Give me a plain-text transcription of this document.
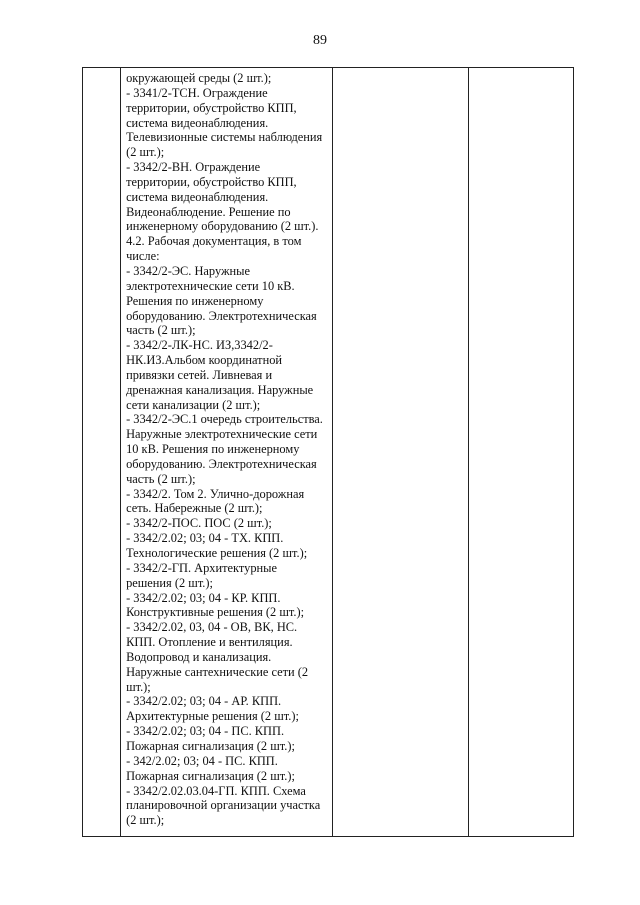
89

окружающей среды (2 шт.);
- 3341/2-ТСН. Ограждение
территории, обустройство КПП,
система видеонаблюдения.
Телевизионные системы наблюдения
(2 шт.);
- 3342/2-ВН. Ограждение
территории, обустройство КПП,
система видеонаблюдения.
Видеонаблюдение. Решение по
инженерному оборудованию (2 шт.).
4.2. Рабочая документация, в том
числе:
- 3342/2-ЭС. Наружные
электротехнические сети 10 кВ.
Решения по инженерному
оборудованию. Электротехническая
часть (2 шт.);
- 3342/2-ЛК-НС. ИЗ,3342/2-
НК.ИЗ.Альбом координатной
привязки сетей. Ливневая и
дренажная канализация. Наружные
сети канализации (2 шт.);
- 3342/2-ЭС.1 очередь строительства.
Наружные электротехнические сети
10 кВ. Решения по инженерному
оборудованию. Электротехническая
часть (2 шт.);
- 3342/2. Том 2. Улично-дорожная
сеть. Набережные (2 шт.);
- 3342/2-ПОС. ПОС (2 шт.);
- 3342/2.02; 03; 04 - ТХ. КПП.
Технологические решения (2 шт.);
- 3342/2-ГП. Архитектурные
решения (2 шт.);
- 3342/2.02; 03; 04 - КР. КПП.
Конструктивные решения (2 шт.);
- 3342/2.02, 03, 04 - ОВ, ВК, НС.
КПП. Отопление и вентиляция.
Водопровод и канализация.
Наружные сантехнические сети (2
шт.);
- 3342/2.02; 03; 04 - АР. КПП.
Архитектурные решения (2 шт.);
- 3342/2.02; 03; 04 - ПС. КПП.
Пожарная сигнализация (2 шт.);
- 342/2.02; 03; 04 - ПС. КПП.
Пожарная сигнализация (2 шт.);
- 3342/2.02.03.04-ГП. КПП. Схема
планировочной организации участка
(2 шт.);
